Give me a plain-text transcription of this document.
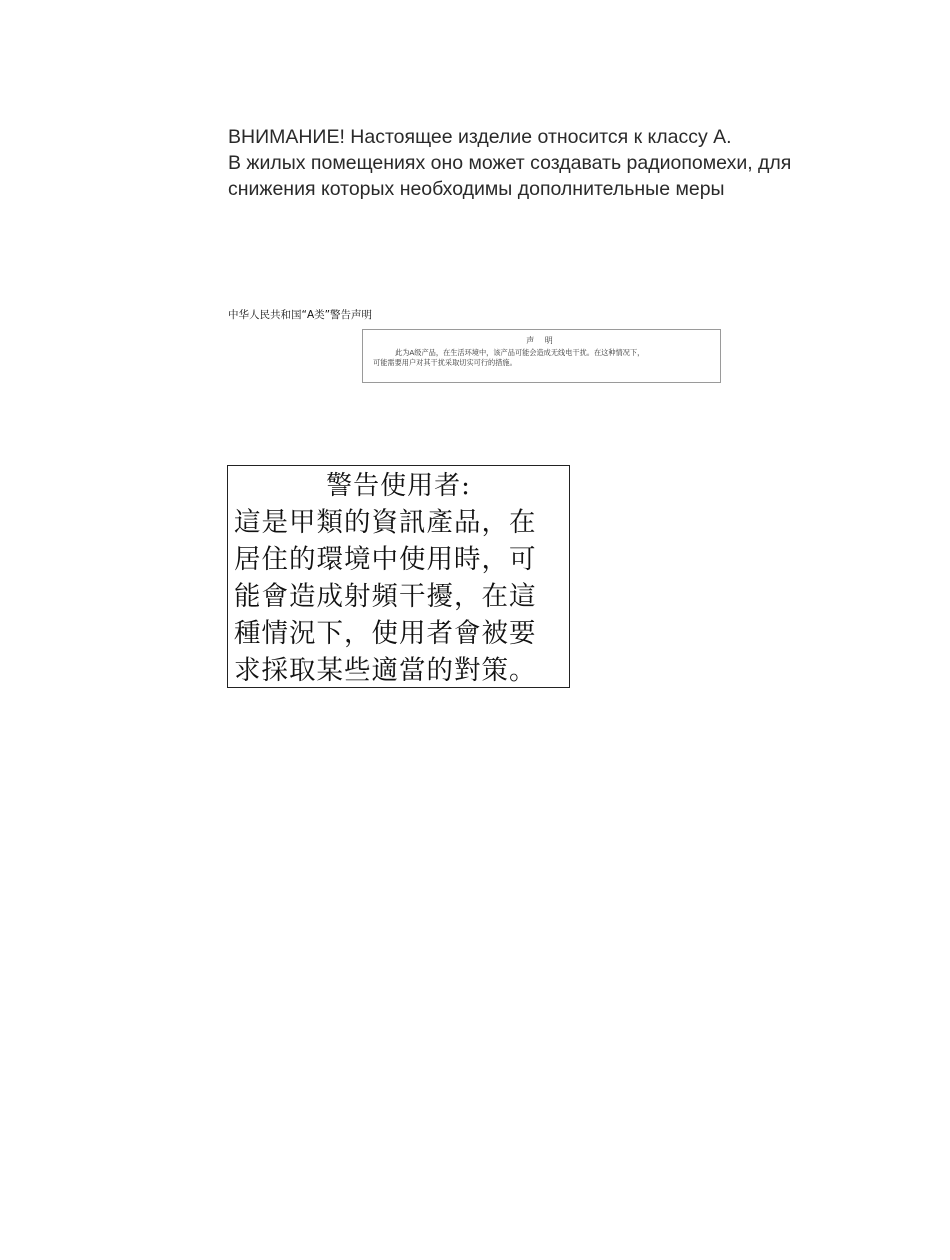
ВНИМАНИЕ! Настоящее изделие относится к классу А.
В жилых помещениях оно может создавать радиопомехи, для
снижения которых необходимы дополнительные меры
中华人民共和国“A类”警告声明
声 明
此为A级产品，在生活环境中，该产品可能会造成无线电干扰。在这种情况下，
可能需要用户对其干扰采取切实可行的措施。
警告使用者:
這是甲類的資訊產品，在
居住的環境中使用時，可
能會造成射頻干擾，在這
種情況下，使用者會被要
求採取某些適當的對策。
